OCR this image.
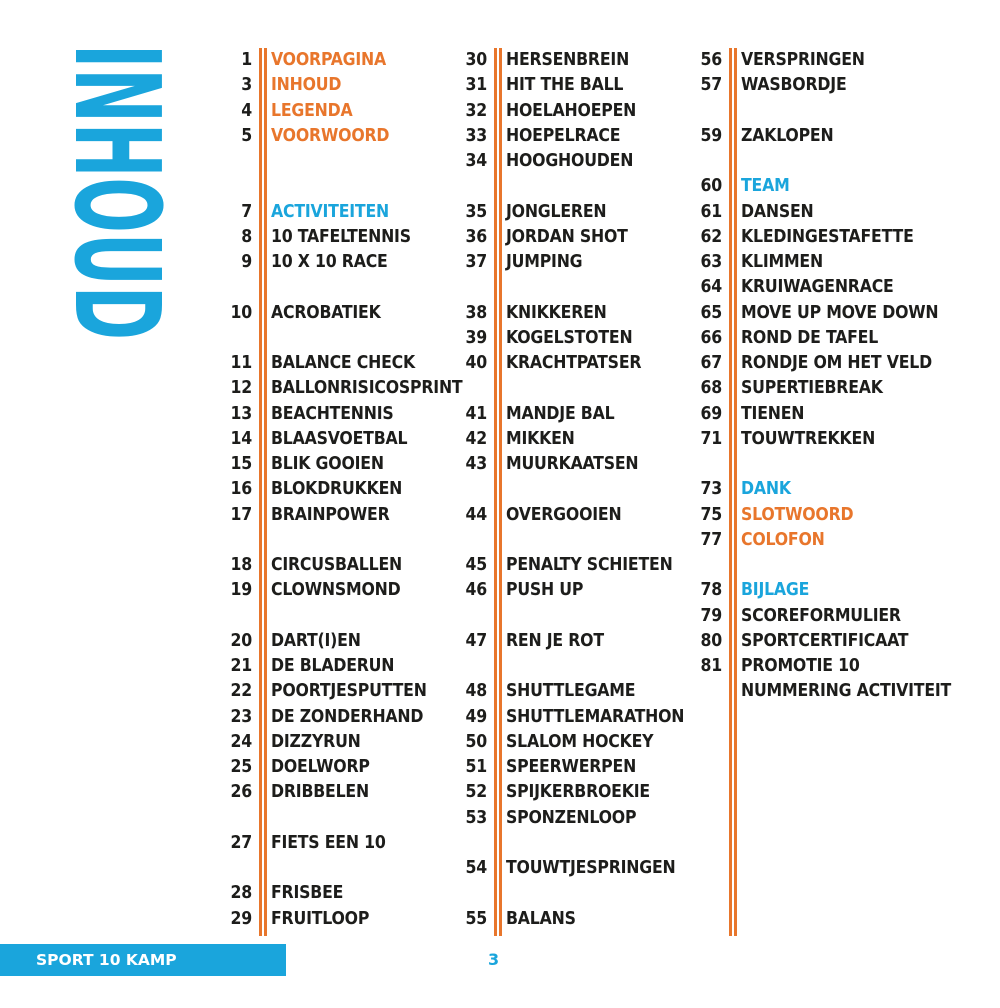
INHOUD	1 VOORPAGINA
3 INHOUD
4 LEGENDA
5 VOORWOORD
7 ACTIVITEITEN
8 10 TAFELTENNIS
9 10 X 10 RACE
10 ACROBATIEK
11 BALANCE CHECK
12 BALLONRISICOSPRINT
13 BEACHTENNIS
14 BLAASVOETBAL
15 BLIK GOOIEN
16 BLOKDRUKKEN
17 BRAINPOWER
18 CIRCUSBALLEN
19 CLOWNSMOND
20 DART(I)EN
21 DE BLADERUN
22 POORTJESPUTTEN
23 DE ZONDERHAND
24 DIZZYRUN
25 DOELWORP
26 DRIBBELEN
27 FIETS EEN 10
28 FRISBEE
29 FRUITLOOP
30 HERSENBREIN
31 HIT THE BALL
32 HOELAHOEPEN
33 HOEPELRACE
34 HOOGHOUDEN
35 JONGLEREN
36 JORDAN SHOT
37 JUMPING
38 KNIKKEREN
39 KOGELSTOTEN
40 KRACHTPATSER
41 MANDJE BAL
42 MIKKEN
43 MUURKAATSEN
44 OVERGOOIEN
45 PENALTY SCHIETEN
46 PUSH UP
47 REN JE ROT
48 SHUTTLEGAME
49 SHUTTLEMARATHON
50 SLALOM HOCKEY
51 SPEERWERPEN
52 SPIJKERBROEKIE
53 SPONZENLOOP
54 TOUWTJESPRINGEN
55 BALANS
56 VERSPRINGEN
57 WASBORDJE
59 ZAKLOPEN
60 TEAM
61 DANSEN
62 KLEDINGESTAFETTE
63 KLIMMEN
64 KRUIWAGENRACE
65 MOVE UP MOVE DOWN
66 ROND DE TAFEL
67 RONDJE OM HET VELD
68 SUPERTIEBREAK
69 TIENEN
71 TOUWTREKKEN
73 DANK
75 SLOTWOORD
77 COLOFON
78 BIJLAGE
79 SCOREFORMULIER
80 SPORTCERTIFICAAT
81 PROMOTIE 10
NUMMERING ACTIVITEIT
SPORT 10 KAMP ACTIVITEITENBOEK
3
